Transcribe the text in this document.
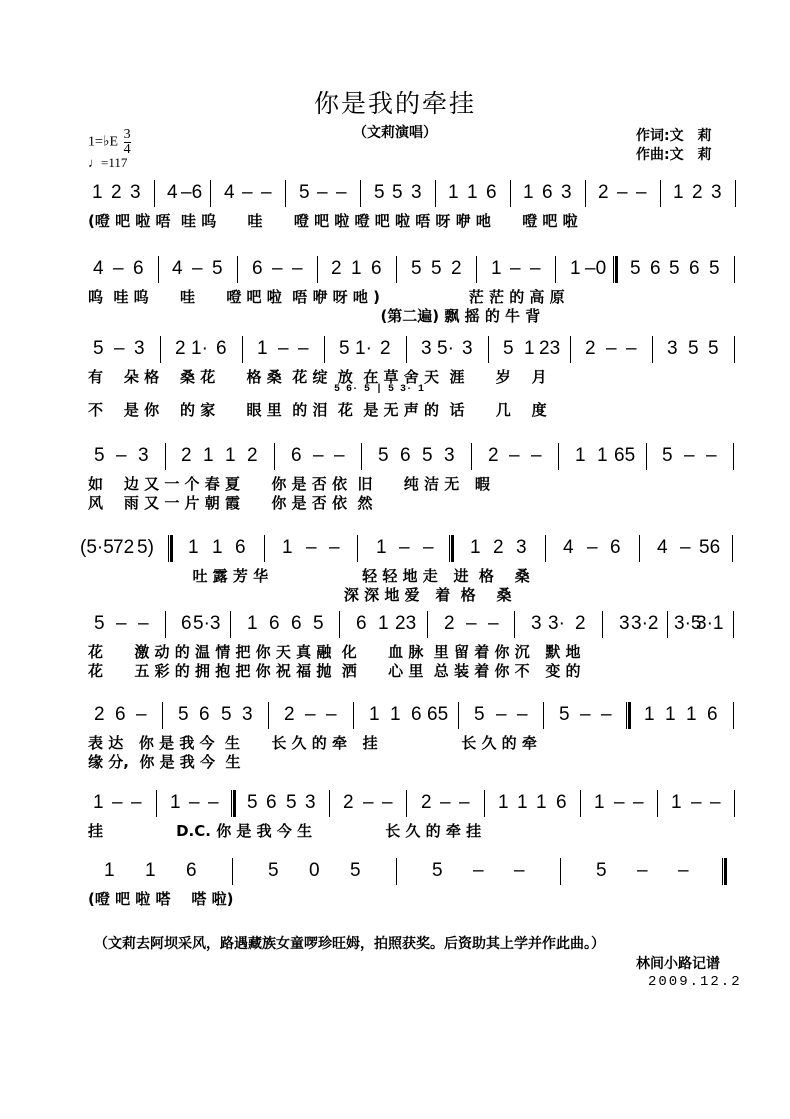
你是我的牵挂
（文莉演唱）
1=♭E $\frac{3}{4}$
♩=117
作词:文　莉
作曲:文　莉
1 2 3 4 –6 4 – – 5 – – 5 5 3 1 1 6 1 6 3 2 – – 1 2 3
(噔 吧 啦 唔  哇 呜      哇      噔 吧 啦 噔 吧 啦 唔 呀 咿 吔      噔 吧 啦
4 – 6 4 – 5 6 – – 2 1 6 5 5 2 1 – – 1 –0 5 6 5 6 5
呜  哇 呜      哇      噔 吧 啦  唔 咿 呀 吔 )                 茫 茫 的 高 原
(第二遍) 飘 摇 的 牛 背
5 – 3 2 1· 6 1 – – 5 1· 2 3 5· 3 5 1 23 2 – – 3 5 5
有    朵 格    桑 花      格 桑  花 绽  放  在 草 舍 天  涯      岁    月
不    是 你    的 家      眼 里  的 泪  花  是 无 声 的  话      几    度
5 6· 5 | 5 3· 1
5 – 3 2 1 1 2 6 – – 5 6 5 3 2 – – 1 1 65 5 – –
如    边 又 一 个 春 夏      你 是 否 依  旧      纯 洁 无   暇
风    雨 又 一 片 朝 霞      你 是 否 依  然
(5·5 72 5) 1 1 6 1 – – 1 – – 1 2 3 4 – 6 4 – 56
吐 露 芳 华                  轻 轻 地 走   进  格    桑
深 深 地 爱   着  格    桑
5 – – 6 5·3 1 6 6 5 6 1 23 2 – – 3 3· 2 3 3·2 3·5
3·1
花      激 动 的 温 情 把 你 天 真 融  化      血 脉  里 留 着 你 沉   默 地
花      五 彩 的 拥 抱 把 你 祝 福 抛  洒      心 里  总 装 着 你 不   变 的
2 6 – 5 6 5 3 2 – – 1 1 6 65 5 – – 5 – – 1 1 1 6
表 达   你 是 我 今  生      长 久 的 牵   挂                长 久 的 牵
缘 分,  你 是 我 今  生
1 – – 1 – – 5 6 5 3 2 – – 2 – – 1 1 1 6 1 – – 1 – –
挂              D.C. 你 是 我 今 生              长 久 的 牵 挂
1 1 6	5 0 5	5 – –	5 – –
(噔 吧 啦 嗒    嗒 啦)
（文莉去阿坝采风，路遇藏族女童啰珍旺姆，拍照获奖。后资助其上学并作此曲。）
林间小路记谱
2009.12.2
